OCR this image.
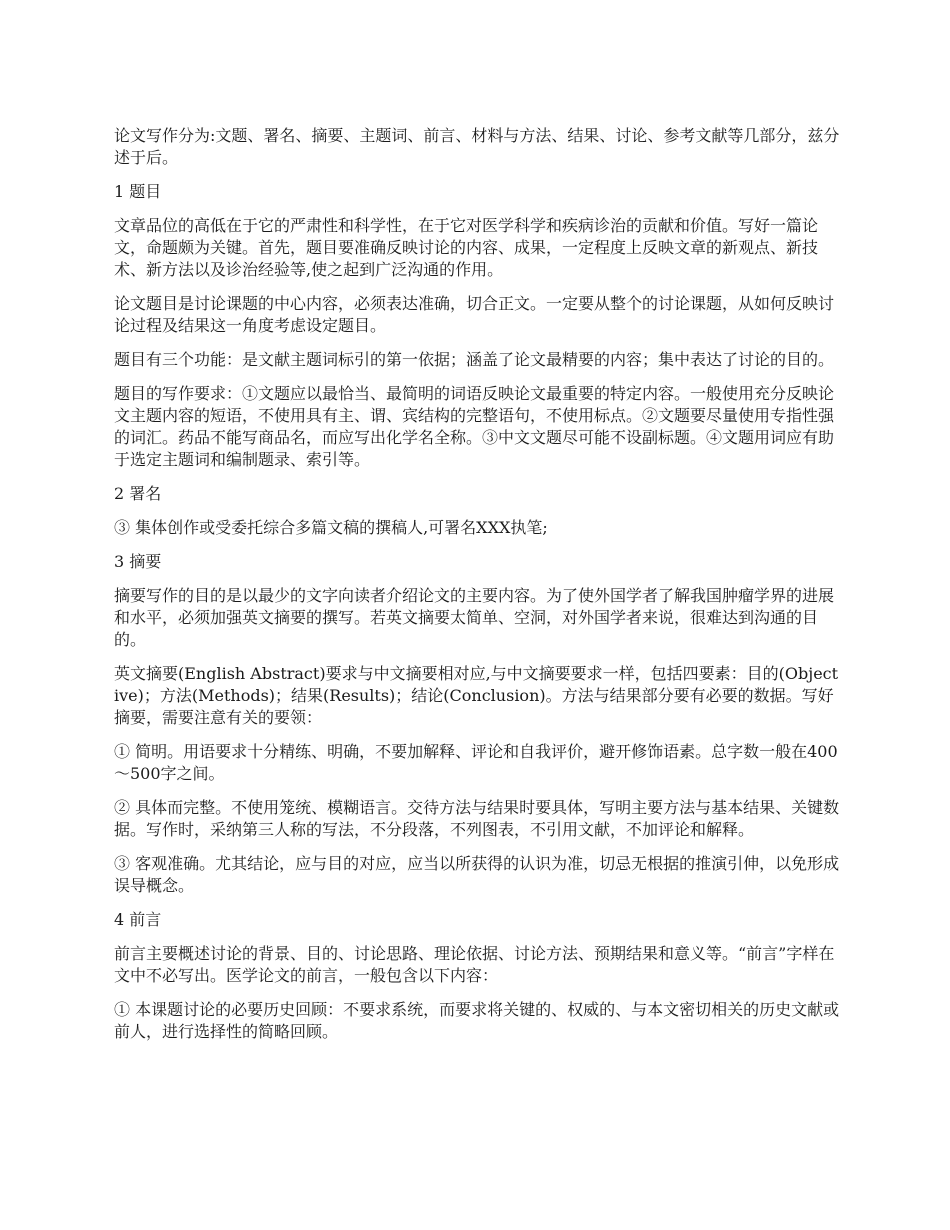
论文写作分为:文题、署名、摘要、主题词、前言、材料与方法、结果、讨论、参考文献等几部分，兹分述于后。

1 题目

文章品位的高低在于它的严肃性和科学性，在于它对医学科学和疾病诊治的贡献和价值。写好一篇论文，命题颇为关键。首先，题目要准确反映讨论的内容、成果，一定程度上反映文章的新观点、新技术、新方法以及诊治经验等,使之起到广泛沟通的作用。

论文题目是讨论课题的中心内容，必须表达准确，切合正文。一定要从整个的讨论课题，从如何反映讨论过程及结果这一角度考虑设定题目。

题目有三个功能：是文献主题词标引的第一依据；涵盖了论文最精要的内容；集中表达了讨论的目的。

题目的写作要求：①文题应以最恰当、最简明的词语反映论文最重要的特定内容。一般使用充分反映论文主题内容的短语，不使用具有主、谓、宾结构的完整语句，不使用标点。②文题要尽量使用专指性强的词汇。药品不能写商品名，而应写出化学名全称。③中文文题尽可能不设副标题。④文题用词应有助于选定主题词和编制题录、索引等。

2 署名

③ 集体创作或受委托综合多篇文稿的撰稿人,可署名XXX执笔;

3 摘要

摘要写作的目的是以最少的文字向读者介绍论文的主要内容。为了使外国学者了解我国肿瘤学界的进展和水平，必须加强英文摘要的撰写。若英文摘要太简单、空洞，对外国学者来说，很难达到沟通的目的。

英文摘要(English Abstract)要求与中文摘要相对应,与中文摘要要求一样，包括四要素：目的(Objective)；方法(Methods)；结果(Results)；结论(Conclusion)。方法与结果部分要有必要的数据。写好摘要，需要注意有关的要领：

① 简明。用语要求十分精练、明确，不要加解释、评论和自我评价，避开修饰语素。总字数一般在400～500字之间。

② 具体而完整。不使用笼统、模糊语言。交待方法与结果时要具体，写明主要方法与基本结果、关键数据。写作时，采纳第三人称的写法，不分段落，不列图表，不引用文献，不加评论和解释。

③ 客观准确。尤其结论，应与目的对应，应当以所获得的认识为准，切忌无根据的推演引伸，以免形成误导概念。

4 前言

前言主要概述讨论的背景、目的、讨论思路、理论依据、讨论方法、预期结果和意义等。“前言”字样在文中不必写出。医学论文的前言，一般包含以下内容：

① 本课题讨论的必要历史回顾：不要求系统，而要求将关键的、权威的、与本文密切相关的历史文献或前人，进行选择性的简略回顾。
